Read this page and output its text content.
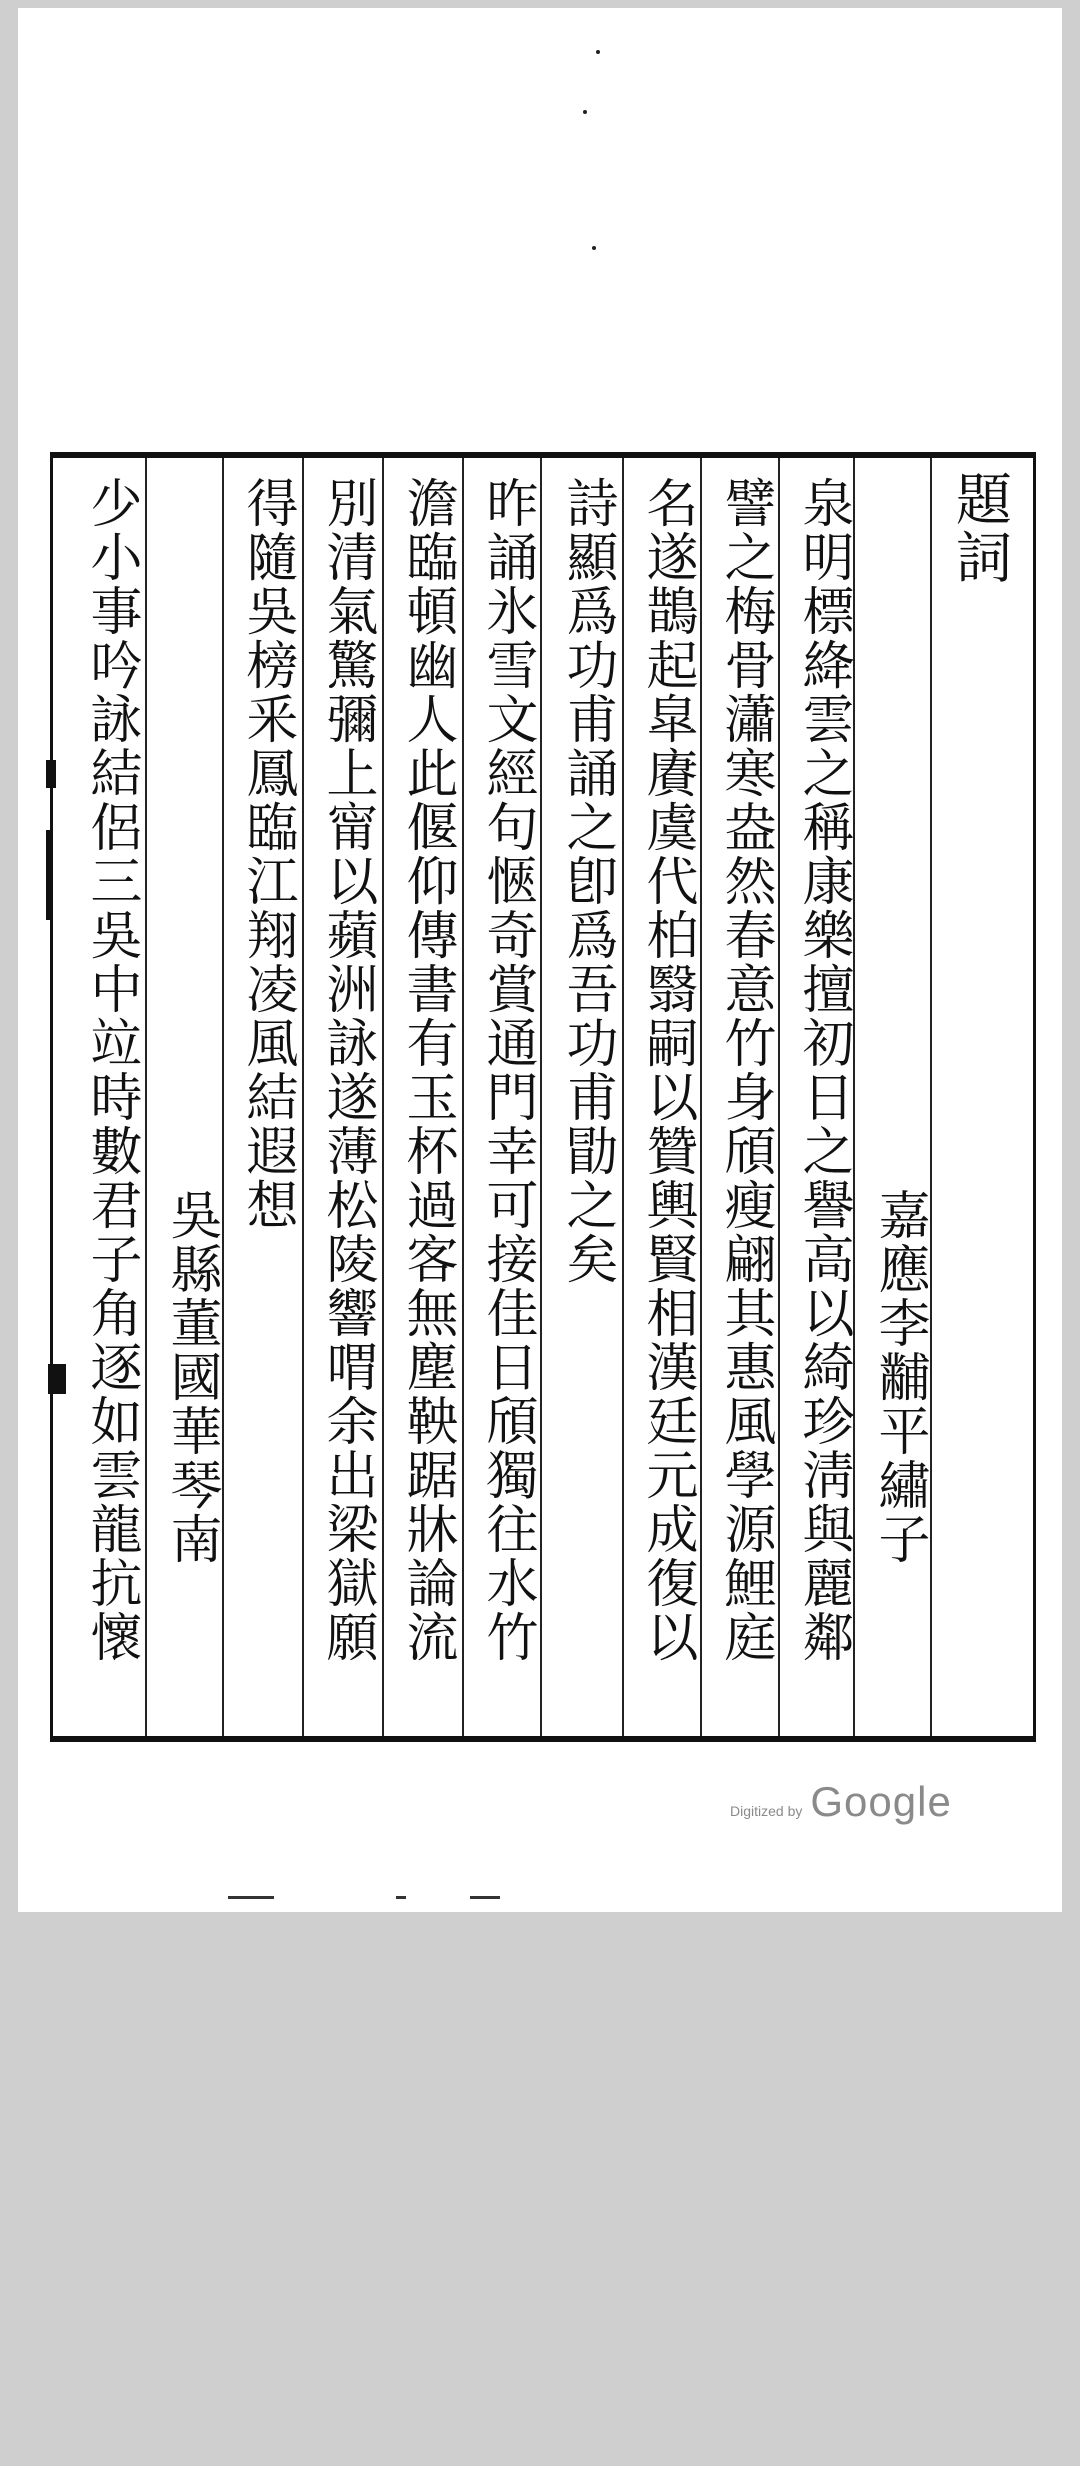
題詞
嘉應李黼平繡子
泉明標絳雲之稱康樂擅初日之譽高以綺珍淸與麗鄰
譬之梅骨瀟寒盎然春意竹身頎瘦翩其惠風學源鯉庭
名遂鵲起皐賡虞代柏翳嗣以贊輿賢相漢廷元成復以
詩顯爲功甫誦之卽爲吾功甫勖之矣
昨誦氷雪文經句愜奇賞通門幸可接佳日頎獨往水竹
澹臨頓幽人此偃仰傳書有玉杯過客無塵鞅踞牀論流
別清氣驚彌上甯以蘋洲詠遂薄松陵響喟余出梁獄願
得隨吳榜釆鳳臨江翔凌風結遐想
吳縣董國華琴南
少小事吟詠結侶三吳中竝時數君子角逐如雲龍抗懷
Digitized by Google
